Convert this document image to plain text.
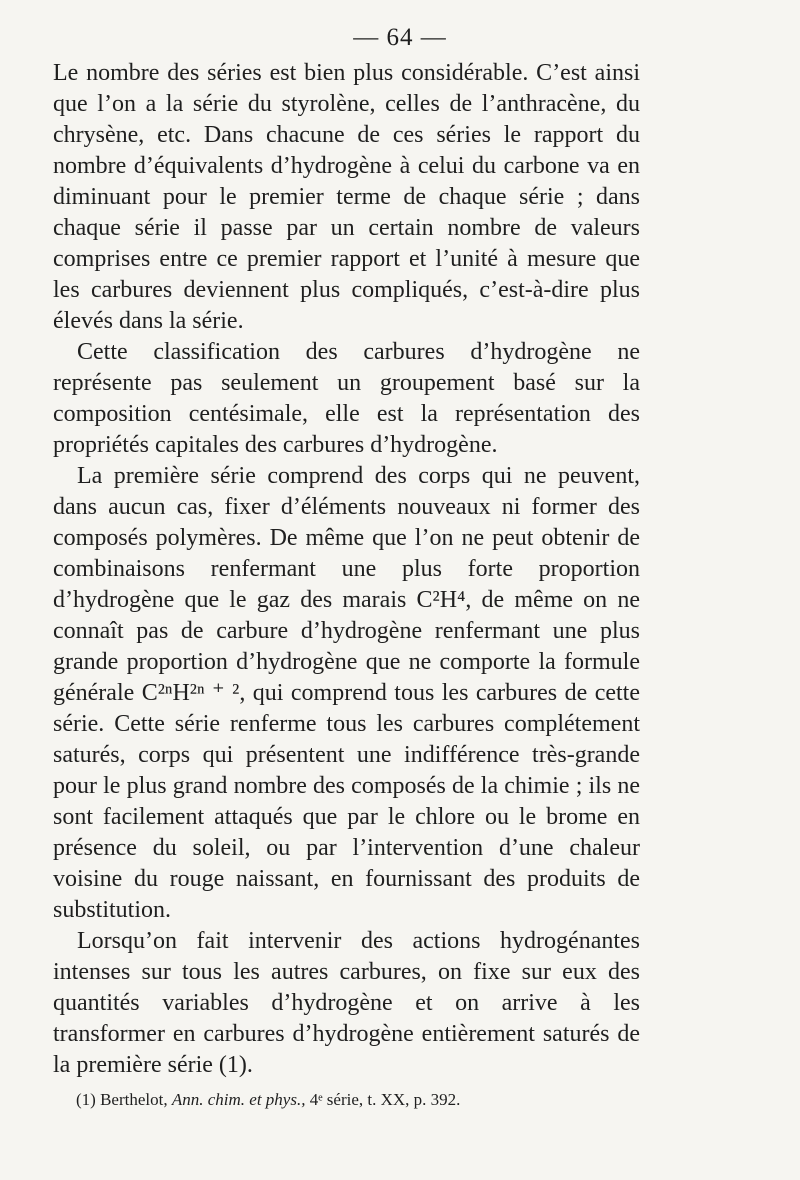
— 64 —

Le nombre des séries est bien plus considérable. C’est ainsi que l’on a la série du styrolène, celles de l’anthracène, du chrysène, etc. Dans chacune de ces séries le rapport du nombre d’équivalents d’hydrogène à celui du carbone va en diminuant pour le premier terme de chaque série ; dans chaque série il passe par un certain nombre de valeurs comprises entre ce premier rapport et l’unité à mesure que les carbures deviennent plus compliqués, c’est-à-dire plus élevés dans la série.

Cette classification des carbures d’hydrogène ne représente pas seulement un groupement basé sur la composition centésimale, elle est la représentation des propriétés capitales des carbures d’hydrogène.

La première série comprend des corps qui ne peuvent, dans aucun cas, fixer d’éléments nouveaux ni former des composés polymères. De même que l’on ne peut obtenir de combinaisons renfermant une plus forte proportion d’hydrogène que le gaz des marais C²H⁴, de même on ne connaît pas de carbure d’hydrogène renfermant une plus grande proportion d’hydrogène que ne comporte la formule générale C²ⁿH²ⁿ ⁺ ², qui comprend tous les carbures de cette série. Cette série renferme tous les carbures complétement saturés, corps qui présentent une indifférence très-grande pour le plus grand nombre des composés de la chimie ; ils ne sont facilement attaqués que par le chlore ou le brome en présence du soleil, ou par l’intervention d’une chaleur voisine du rouge naissant, en fournissant des produits de substitution.

Lorsqu’on fait intervenir des actions hydrogénantes intenses sur tous les autres carbures, on fixe sur eux des quantités variables d’hydrogène et on arrive à les transformer en carbures d’hydrogène entièrement saturés de la première série (1).

(1) Berthelot, Ann. chim. et phys., 4ᵉ série, t. XX, p. 392.
